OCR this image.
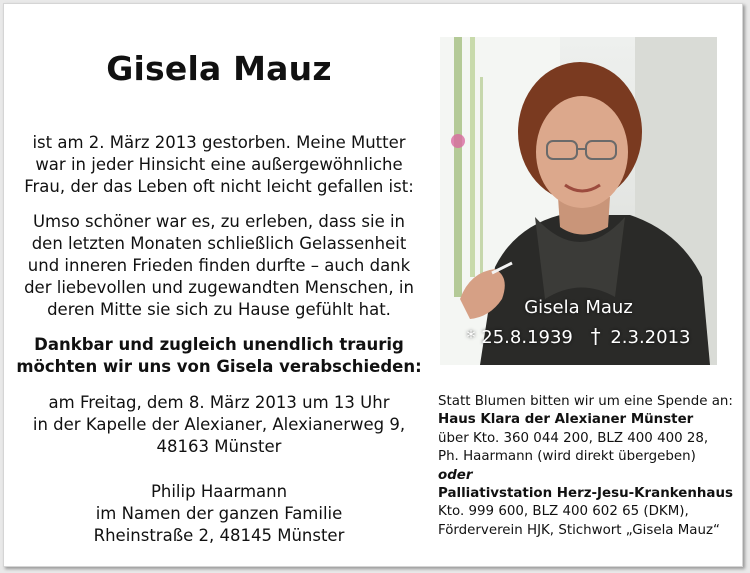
Gisela Mauz
ist am 2. März 2013 gestorben. Meine Mutter
war in jeder Hinsicht eine außergewöhnliche
Frau, der das Leben oft nicht leicht gefallen ist:
Umso schöner war es, zu erleben, dass sie in
den letzten Monaten schließlich Gelassenheit
und inneren Frieden finden durfte – auch dank
der liebevollen und zugewandten Menschen, in
deren Mitte sie sich zu Hause gefühlt hat.
Dankbar und zugleich unendlich traurig
möchten wir uns von Gisela verabschieden:
am Freitag, dem 8. März 2013 um 13 Uhr
in der Kapelle der Alexianer, Alexianerweg 9,
48163 Münster
Philip Haarmann
im Namen der ganzen Familie
Rheinstraße 2, 48145 Münster
Gisela Mauz
* 25.8.1939 † 2.3.2013
Statt Blumen bitten wir um eine Spende an:
Haus Klara der Alexianer Münster
über Kto. 360 044 200, BLZ 400 400 28,
Ph. Haarmann (wird direkt übergeben)
oder
Palliativstation Herz-Jesu-Krankenhaus
Kto. 999 600, BLZ 400 602 65 (DKM),
Förderverein HJK, Stichwort „Gisela Mauz“
